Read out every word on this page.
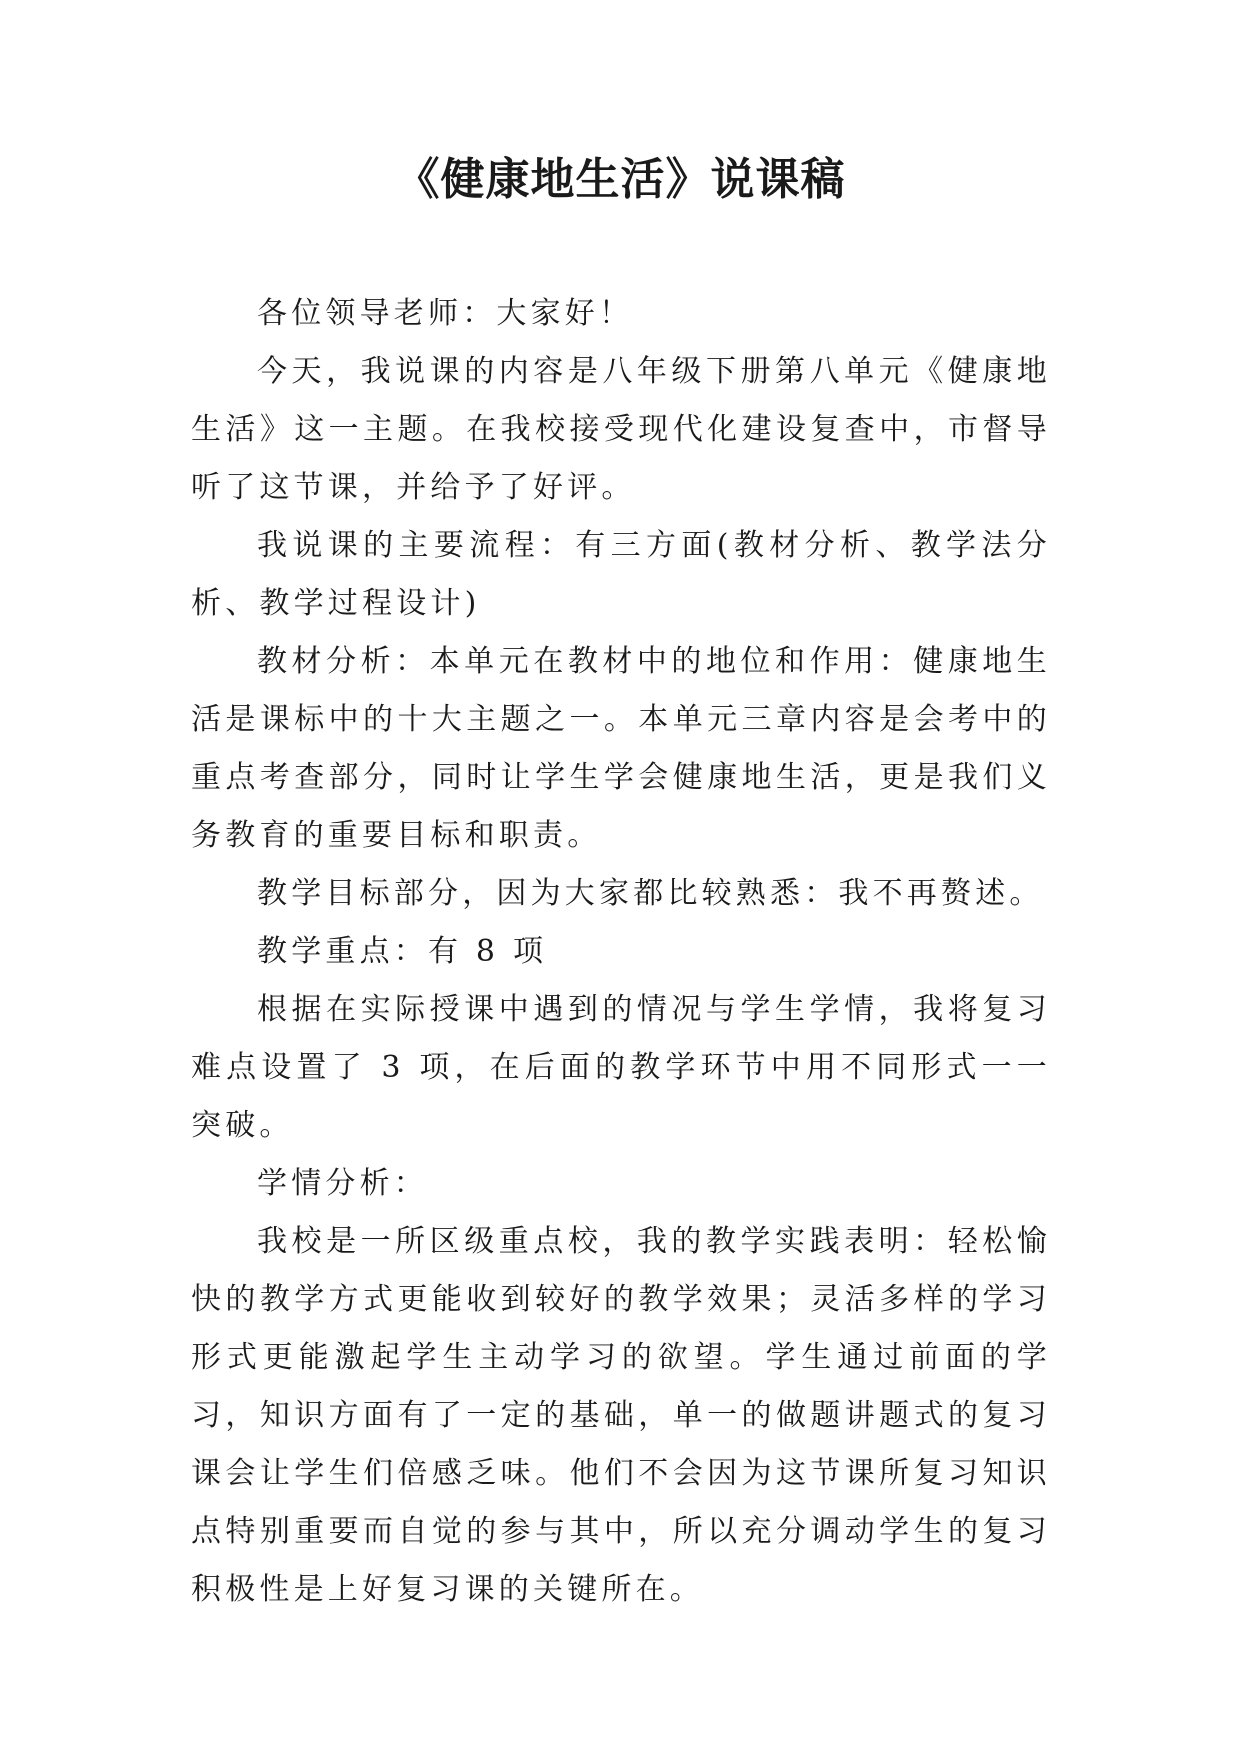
《健康地生活》说课稿

各位领导老师：大家好！

今天，我说课的内容是八年级下册第八单元《健康地生活》这一主题。在我校接受现代化建设复查中，市督导听了这节课，并给予了好评。

我说课的主要流程：有三方面(教材分析、教学法分析、教学过程设计)

教材分析：本单元在教材中的地位和作用：健康地生活是课标中的十大主题之一。本单元三章内容是会考中的重点考查部分，同时让学生学会健康地生活，更是我们义务教育的重要目标和职责。

教学目标部分，因为大家都比较熟悉：我不再赘述。

教学重点：有 8 项

根据在实际授课中遇到的情况与学生学情，我将复习难点设置了 3 项，在后面的教学环节中用不同形式一一突破。

学情分析：

我校是一所区级重点校，我的教学实践表明：轻松愉快的教学方式更能收到较好的教学效果；灵活多样的学习形式更能激起学生主动学习的欲望。学生通过前面的学习，知识方面有了一定的基础，单一的做题讲题式的复习课会让学生们倍感乏味。他们不会因为这节课所复习知识点特别重要而自觉的参与其中，所以充分调动学生的复习积极性是上好复习课的关键所在。
